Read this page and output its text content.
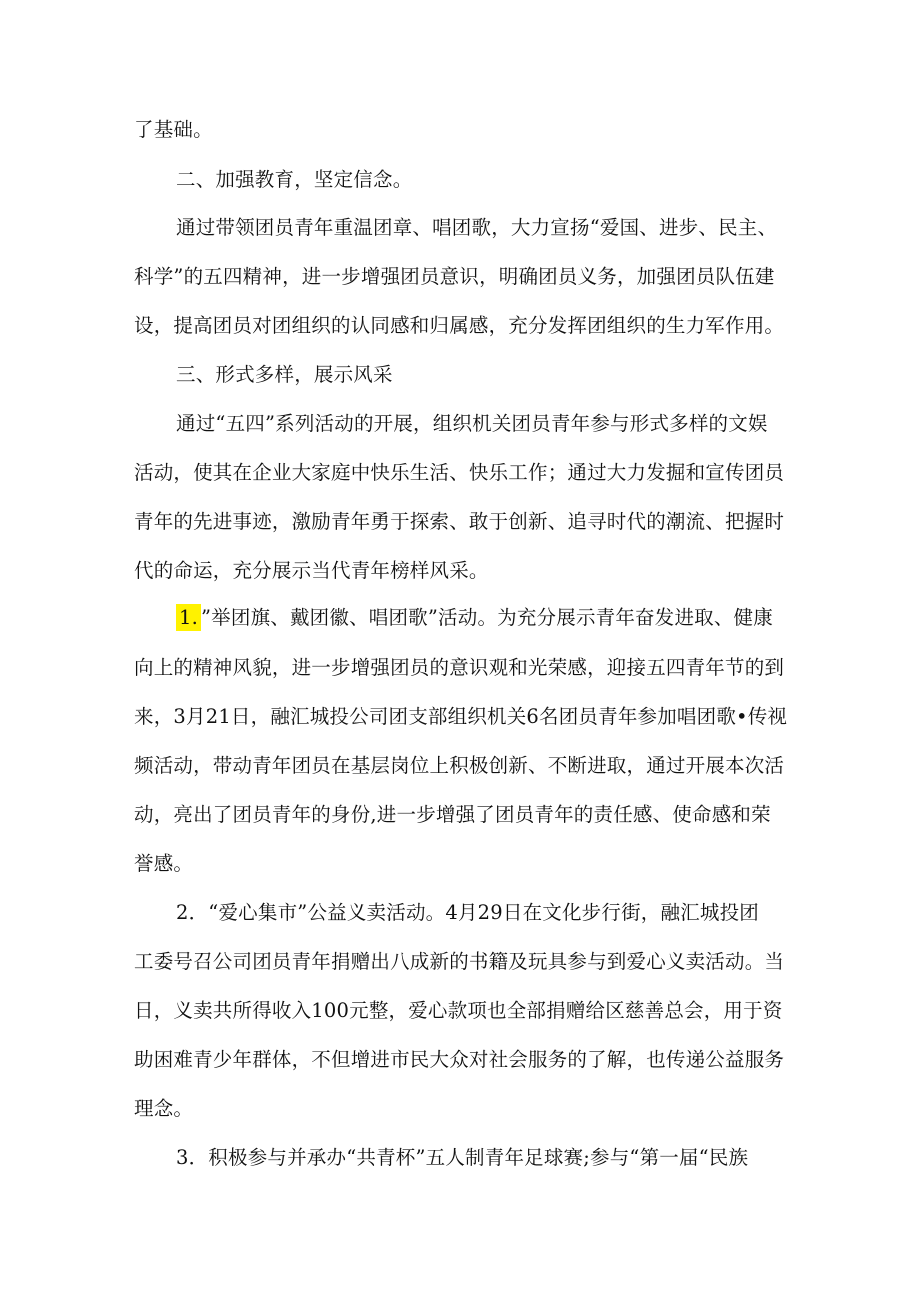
了基础。
二、加强教育，坚定信念。
通过带领团员青年重温团章、唱团歌，大力宣扬“爱国、进步、民主、
科学”的五四精神，进一步增强团员意识，明确团员义务，加强团员队伍建
设，提高团员对团组织的认同感和归属感，充分发挥团组织的生力军作用。
三、形式多样，展示风采
通过“五四”系列活动的开展，组织机关团员青年参与形式多样的文娱
活动，使其在企业大家庭中快乐生活、快乐工作；通过大力发掘和宣传团员
青年的先进事迹，激励青年勇于探索、敢于创新、追寻时代的潮流、把握时
代的命运，充分展示当代青年榜样风采。
1. ”举团旗、戴团徽、唱团歌”活动。为充分展示青年奋发进取、健康
向上的精神风貌，进一步增强团员的意识观和光荣感，迎接五四青年节的到
来，3月21日，融汇城投公司团支部组织机关6名团员青年参加唱团歌•传视
频活动，带动青年团员在基层岗位上积极创新、不断进取，通过开展本次活
动，亮出了团员青年的身份,进一步增强了团员青年的责任感、使命感和荣
誉感。
2．“爱心集市”公益义卖活动。4月29日在文化步行街，融汇城投团
工委号召公司团员青年捐赠出八成新的书籍及玩具参与到爱心义卖活动。当
日，义卖共所得收入100元整，爱心款项也全部捐赠给区慈善总会，用于资
助困难青少年群体，不但增进市民大众对社会服务的了解，也传递公益服务
理念。
3．积极参与并承办“共青杯”五人制青年足球赛;参与“第一届“民族
